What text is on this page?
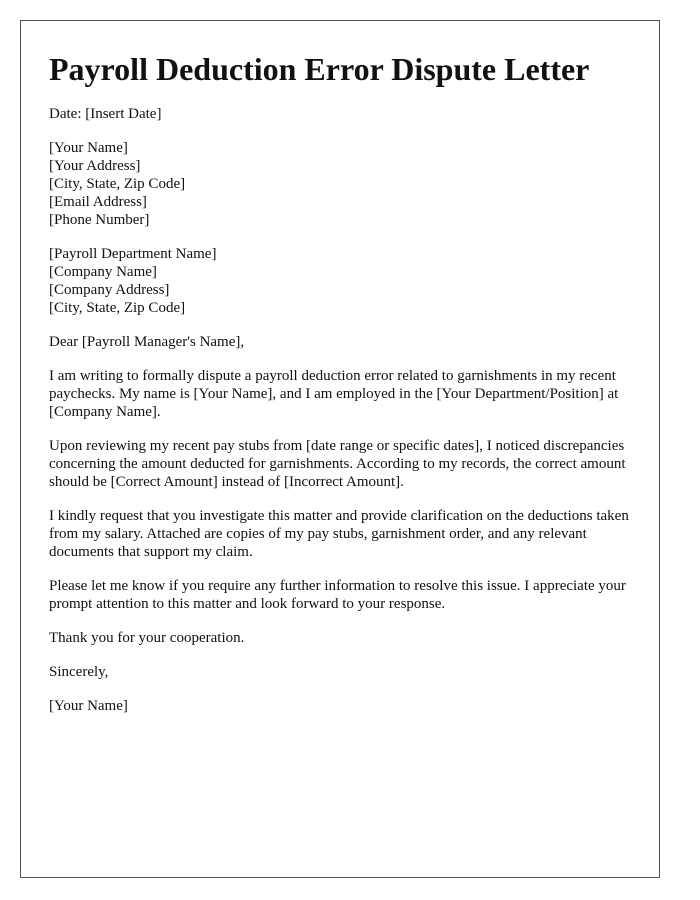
Payroll Deduction Error Dispute Letter

Date: [Insert Date]

[Your Name]

[Your Address]

[City, State, Zip Code]

[Email Address]

[Phone Number]

[Payroll Department Name]

[Company Name]

[Company Address]

[City, State, Zip Code]

Dear [Payroll Manager's Name],

I am writing to formally dispute a payroll deduction error related to garnishments in my recent paychecks. My name is [Your Name], and I am employed in the [Your Department/Position] at [Company Name].

Upon reviewing my recent pay stubs from [date range or specific dates], I noticed discrepancies concerning the amount deducted for garnishments. According to my records, the correct amount should be [Correct Amount] instead of [Incorrect Amount].

I kindly request that you investigate this matter and provide clarification on the deductions taken from my salary. Attached are copies of my pay stubs, garnishment order, and any relevant documents that support my claim.

Please let me know if you require any further information to resolve this issue. I appreciate your prompt attention to this matter and look forward to your response.

Thank you for your cooperation.

Sincerely,

[Your Name]
